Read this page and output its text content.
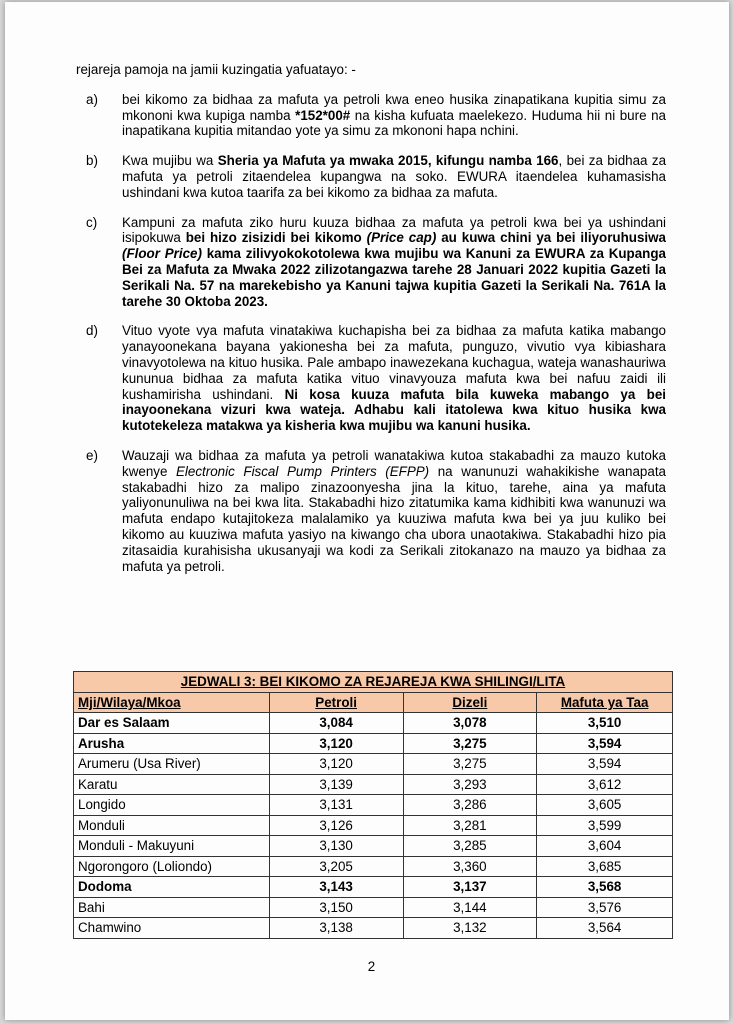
rejareja pamoja na jamii kuzingatia yafuatayo: -

a)	bei kikomo za bidhaa za mafuta ya petroli kwa eneo husika zinapatikana kupitia simu za mkononi kwa kupiga namba *152*00# na kisha kufuata maelekezo. Huduma hii ni bure na inapatikana kupitia mitandao yote ya simu za mkononi hapa nchini.
b)	Kwa mujibu wa Sheria ya Mafuta ya mwaka 2015, kifungu namba 166, bei za bidhaa za mafuta ya petroli zitaendelea kupangwa na soko. EWURA itaendelea kuhamasisha ushindani kwa kutoa taarifa za bei kikomo za bidhaa za mafuta.
c)	Kampuni za mafuta ziko huru kuuza bidhaa za mafuta ya petroli kwa bei ya ushindani isipokuwa bei hizo zisizidi bei kikomo (Price cap) au kuwa chini ya bei iliyoruhusiwa (Floor Price) kama zilivyokokotolewa kwa mujibu wa Kanuni za EWURA za Kupanga Bei za Mafuta za Mwaka 2022 zilizotangazwa tarehe 28 Januari 2022 kupitia Gazeti la Serikali Na. 57 na marekebisho ya Kanuni tajwa kupitia Gazeti la Serikali Na. 761A la tarehe 30 Oktoba 2023.
d)	Vituo vyote vya mafuta vinatakiwa kuchapisha bei za bidhaa za mafuta katika mabango yanayoonekana bayana yakionesha bei za mafuta, punguzo, vivutio vya kibiashara vinavyotolewa na kituo husika. Pale ambapo inawezekana kuchagua, wateja wanashauriwa kununua bidhaa za mafuta katika vituo vinavyouza mafuta kwa bei nafuu zaidi ili kushamirisha ushindani. Ni kosa kuuza mafuta bila kuweka mabango ya bei inayoonekana vizuri kwa wateja. Adhabu kali itatolewa kwa kituo husika kwa kutotekeleza matakwa ya kisheria kwa mujibu wa kanuni husika.
e)	Wauzaji wa bidhaa za mafuta ya petroli wanatakiwa kutoa stakabadhi za mauzo kutoka kwenye Electronic Fiscal Pump Printers (EFPP) na wanunuzi wahakikishe wanapata stakabadhi hizo za malipo zinazoonyesha jina la kituo, tarehe, aina ya mafuta yaliyonunuliwa na bei kwa lita. Stakabadhi hizo zitatumika kama kidhibiti kwa wanunuzi wa mafuta endapo kutajitokeza malalamiko ya kuuziwa mafuta kwa bei ya juu kuliko bei kikomo au kuuziwa mafuta yasiyo na kiwango cha ubora unaotakiwa. Stakabadhi hizo pia zitasaidia kurahisisha ukusanyaji wa kodi za Serikali zitokanazo na mauzo ya bidhaa za mafuta ya petroli.
JEDWALI 3: BEI KIKOMO ZA REJAREJA KWA SHILINGI/LITA			
Mji/Wilaya/Mkoa	Petroli	Dizeli	Mafuta ya Taa
Dar es Salaam	3,084	3,078	3,510
Arusha	3,120	3,275	3,594
Arumeru (Usa River)	3,120	3,275	3,594
Karatu	3,139	3,293	3,612
Longido	3,131	3,286	3,605
Monduli	3,126	3,281	3,599
Monduli - Makuyuni	3,130	3,285	3,604
Ngorongoro (Loliondo)	3,205	3,360	3,685
Dodoma	3,143	3,137	3,568
Bahi	3,150	3,144	3,576
Chamwino	3,138	3,132	3,564
2
